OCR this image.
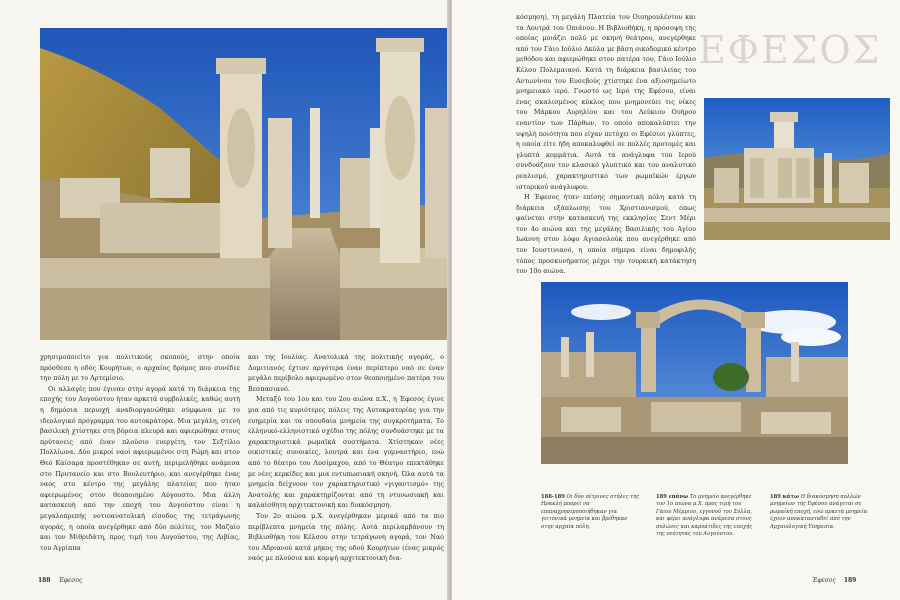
χρησιμοποιείτο για πολιτικούς σκοπούς, στην οποία πρόσθεσε η οδός Κουρήτων, ο αρχαίος δρόμος που συνέδεε την πόλη με το Αρτεμίσιο.

Οι αλλαγές που έγιναν στην αγορά κατά τη διάρκεια της εποχής του Αυγούστου ήταν αρκετά συμβολικές, καθώς αυτή η δημόσια περιοχή αναδιοργανώθηκε σύμφωνα με το ιδεολογικό πρόγραμμα του αυτοκράτορα. Μια μεγάλη, στενή βασιλική χτίστηκε στη βόρεια πλευρά και αφιερώθηκε στους πρύτανεις από έναν πλούσιο ευεργέτη, τον Σεξτίλιο Πολλίωνα. Δύο μικροί ναοί αφιερωμένοι στη Ρώμη και στον Θεό Καίσαρα προστέθηκαν σε αυτή, περιμελήθηκε ανάμεσα στο Πρυτανείο και στο Βουλευτήριο, και ανεγέρθηκε ένας ναός στο κέντρο της μεγάλης πλατείας που ήταν αφιερωμένος στον θεοποιημένο Αύγουστο. Μια άλλη κατασκευή από την εποχή του Αυγούστου είναι η μεγαλοπρεπής νοτιοανατολική είσοδος της τετράγωνης αγοράς, η οποία ανεγέρθηκε από δύο πολίτες, τον Μαζαίο και τον Μιθριδάτη, προς τιμή του Αυγούστου, της Λιβίας, του Αγρίππα

και της Ιουλίας. Ανατολικά της πολιτικής αγοράς, ο Δομιτιανός έχτισε αργότερα έναν περίπτερο ναό σε έναν μεγάλο περίβολο αφιερωμένο στον θεοποιημένο πατέρα του Βεσπασιανό.

Μεταξύ του 1ου και του 2ου αιώνα π.Χ., η Έφεσος έγινε μια από τις κυριότερες πόλεις της Αυτοκρατορίας για την ευημερία και τα σπουδαία μνημεία της συγκροτήματα. Το ελληνικό-ελληνιστικό σχέδιο της πόλης συνδυάστηκε με τα χαρακτηριστικά ρωμαϊκά συστήματα. Χτίστηκαν νέες οικιστικές συνοικίες, λουτρά και ένα γυμναστήριο, ενώ από το θέατρο του Λυσίμαχου, από το Θέατρο επεκτάθηκε με νέες κερκίδες και μια εντυπωσιακή σκηνή. Όλα αυτά τα μνημεία δείχνουν τον χαρακτηριστικό «γιγαντισμό» της Ανατολής και χαρακτηρίζονται από τη ντυνωσιακή και καλαίσθητη αρχιτεκτονική και διακόσμηση.

Τον 2ο αιώνα μ.Χ. ανεγέρθηκαν μερικά από τα πιο περίβλεπτα μνημεία της πόλης. Αυτά περιλαμβάνουν τη Βιβλιοθήκη του Κέλσου στην τετράγωνη αγορά, τον Ναό του Αδριανού κατά μήκος της οδού Κουρήτων (ένας μικρός ναός με πλούσια και κομψή αρχιτεκτονική δια-

188 Έφεσος
ΕΦΕΣΟΣ

κόσμηση), τη μεγάλη Πλατεία του Οισηρουλέντου και τα Λουτρά του Οπιάνου. Η Βιβλιοθήκη, η πρόσοψη της οποίας μοιάζει πολύ με σκηνή θεάτρου, ανεγέρθηκε από τον Γάιο Ιούλιο Ακύλα με βάση οικοδομικό κέντρο μεθόδου και αφιερώθηκε στον πατέρα του, Γάιο Ιούλιο Κέλσο Πολεμαιανό. Κατά τη διάρκεια βασιλείας του Αντωνίνου του Ευσεβούς χτίστηκε ένα αξιοσημείωτο μνημειακό ιερό. Γνωστό ως Ιερό της Εφέσου, είναι ένας σκαλισμένος κύκλος που μνημονεύει τις νίκες του Μάρκου Αυρηλίου και του Λεύκιου Ουήρου εναντίον των Πάρθων, το οποίο αποκαλύπτει την υψηλή ποιότητα που είχαν πετύχει οι Εφέσιοι γλύπτες, η οποία είτε ήδη αποκαλυφθεί σε πολλές προτομές και γλυπτά κομμάτια. Αυτά τα ανάγλυφα του Ιερού συνδυάζουν τον κλασικό γλυπτικό και τον αναλυτικό ρεαλισμό, χαρακτηριστικό των ρωμαϊκών έργων ιστορικού ανάγλυφου.

Η Έφεσος ήταν επίσης σημαντική πόλη κατά τη διάρκεια εξάπλωσης του Χριστιανισμού, όπως φαίνεται στην κατασκευή της εκκλησίας Σεντ Μέρι τον 4ο αιώνα και της μεγάλης Βασιλικής του Αγίου Ιωάννη στον λόφο Αγιασολούκ που ανεγέρθηκε από τον Ιουστινιανό, η οποία σήμερα είναι δημοφιλής τόπος προσκυνήματος μέχρι την τουρκική κατάκτηση τον 10ο αιώνα.

188-189 Οι δύο πέτρινες στήλες της Ηρακλή μπορεί να επαναχρησιμοποιήθηκαν για γειτονικά μνημεία και βρέθηκαν στην αρχαία πόλη.
189 επάνω Το μνημείο ανεγέρθηκε τον 1ο αιώνα μ.Χ. προς τιμή του Γάιου Μέμμιου, εγγονού του Σύλλα, και φέρει ανάγλυφα ανάμεσα στους πυλώνες και καρυάτιδες της εποχής της νεότητας του Αυγούστου.
189 κάτω Η διακόσμηση πολλών μνημείων της Εφέσου ανάγεται σε ρωμαϊκή εποχή, ενώ αρκετά μνημεία έχουν αποκατασταθεί από την Αρχαιολογική Υπηρεσία.
Έφεσος 189
